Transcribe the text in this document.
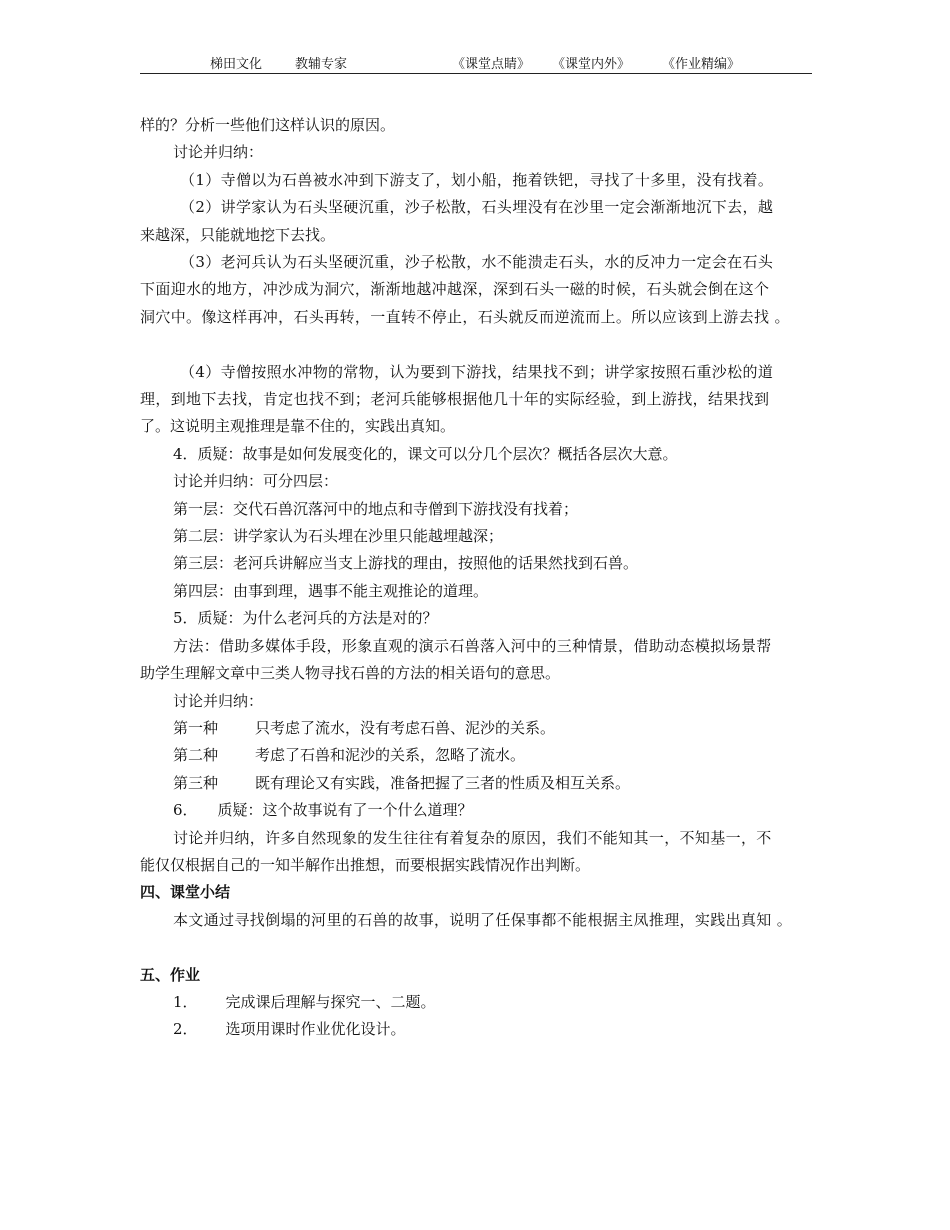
梯田文化	教辅专家	《课堂点睛》 《课堂内外》 《作业精编》

样的？分析一些他们这样认识的原因。

讨论并归纳：

（1）寺僧以为石兽被水冲到下游支了，划小船，拖着铁钯，寻找了十多里，没有找着。

（2）讲学家认为石头坚硬沉重，沙子松散，石头埋没有在沙里一定会渐渐地沉下去，越

来越深，只能就地挖下去找。

（3）老河兵认为石头坚硬沉重，沙子松散，水不能溃走石头，水的反冲力一定会在石头

下面迎水的地方，冲沙成为洞穴，渐渐地越冲越深，深到石头一磁的时候，石头就会倒在这个

洞穴中。像这样再冲，石头再转，一直转不停止，石头就反而逆流而上。所以应该到上游去找 。

（4）寺僧按照水冲物的常物，认为要到下游找，结果找不到；讲学家按照石重沙松的道

理，到地下去找，肯定也找不到；老河兵能够根据他几十年的实际经验，到上游找，结果找到

了。这说明主观推理是靠不住的，实践出真知。

4．质疑：故事是如何发展变化的，课文可以分几个层次？概括各层次大意。

讨论并归纳：可分四层：

第一层：交代石兽沉落河中的地点和寺僧到下游找没有找着；

第二层：讲学家认为石头埋在沙里只能越埋越深；

第三层：老河兵讲解应当支上游找的理由，按照他的话果然找到石兽。

第四层：由事到理，遇事不能主观推论的道理。

5．质疑：为什么老河兵的方法是对的？

方法：借助多媒体手段，形象直观的演示石兽落入河中的三种情景，借助动态模拟场景帮

助学生理解文章中三类人物寻找石兽的方法的相关语句的意思。

讨论并归纳：

第一种 只考虑了流水，没有考虑石兽、泥沙的关系。

第二种 考虑了石兽和泥沙的关系，忽略了流水。

第三种 既有理论又有实践，准备把握了三者的性质及相互关系。

6． 质疑：这个故事说有了一个什么道理？

讨论并归纳，许多自然现象的发生往往有着复杂的原因，我们不能知其一，不知基一，不

能仅仅根据自己的一知半解作出推想，而要根据实践情况作出判断。

四、课堂小结

本文通过寻找倒塌的河里的石兽的故事，说明了任保事都不能根据主凤推理，实践出真知 。

五、作业

1． 完成课后理解与探究一、二题。

2． 选项用课时作业优化设计。
